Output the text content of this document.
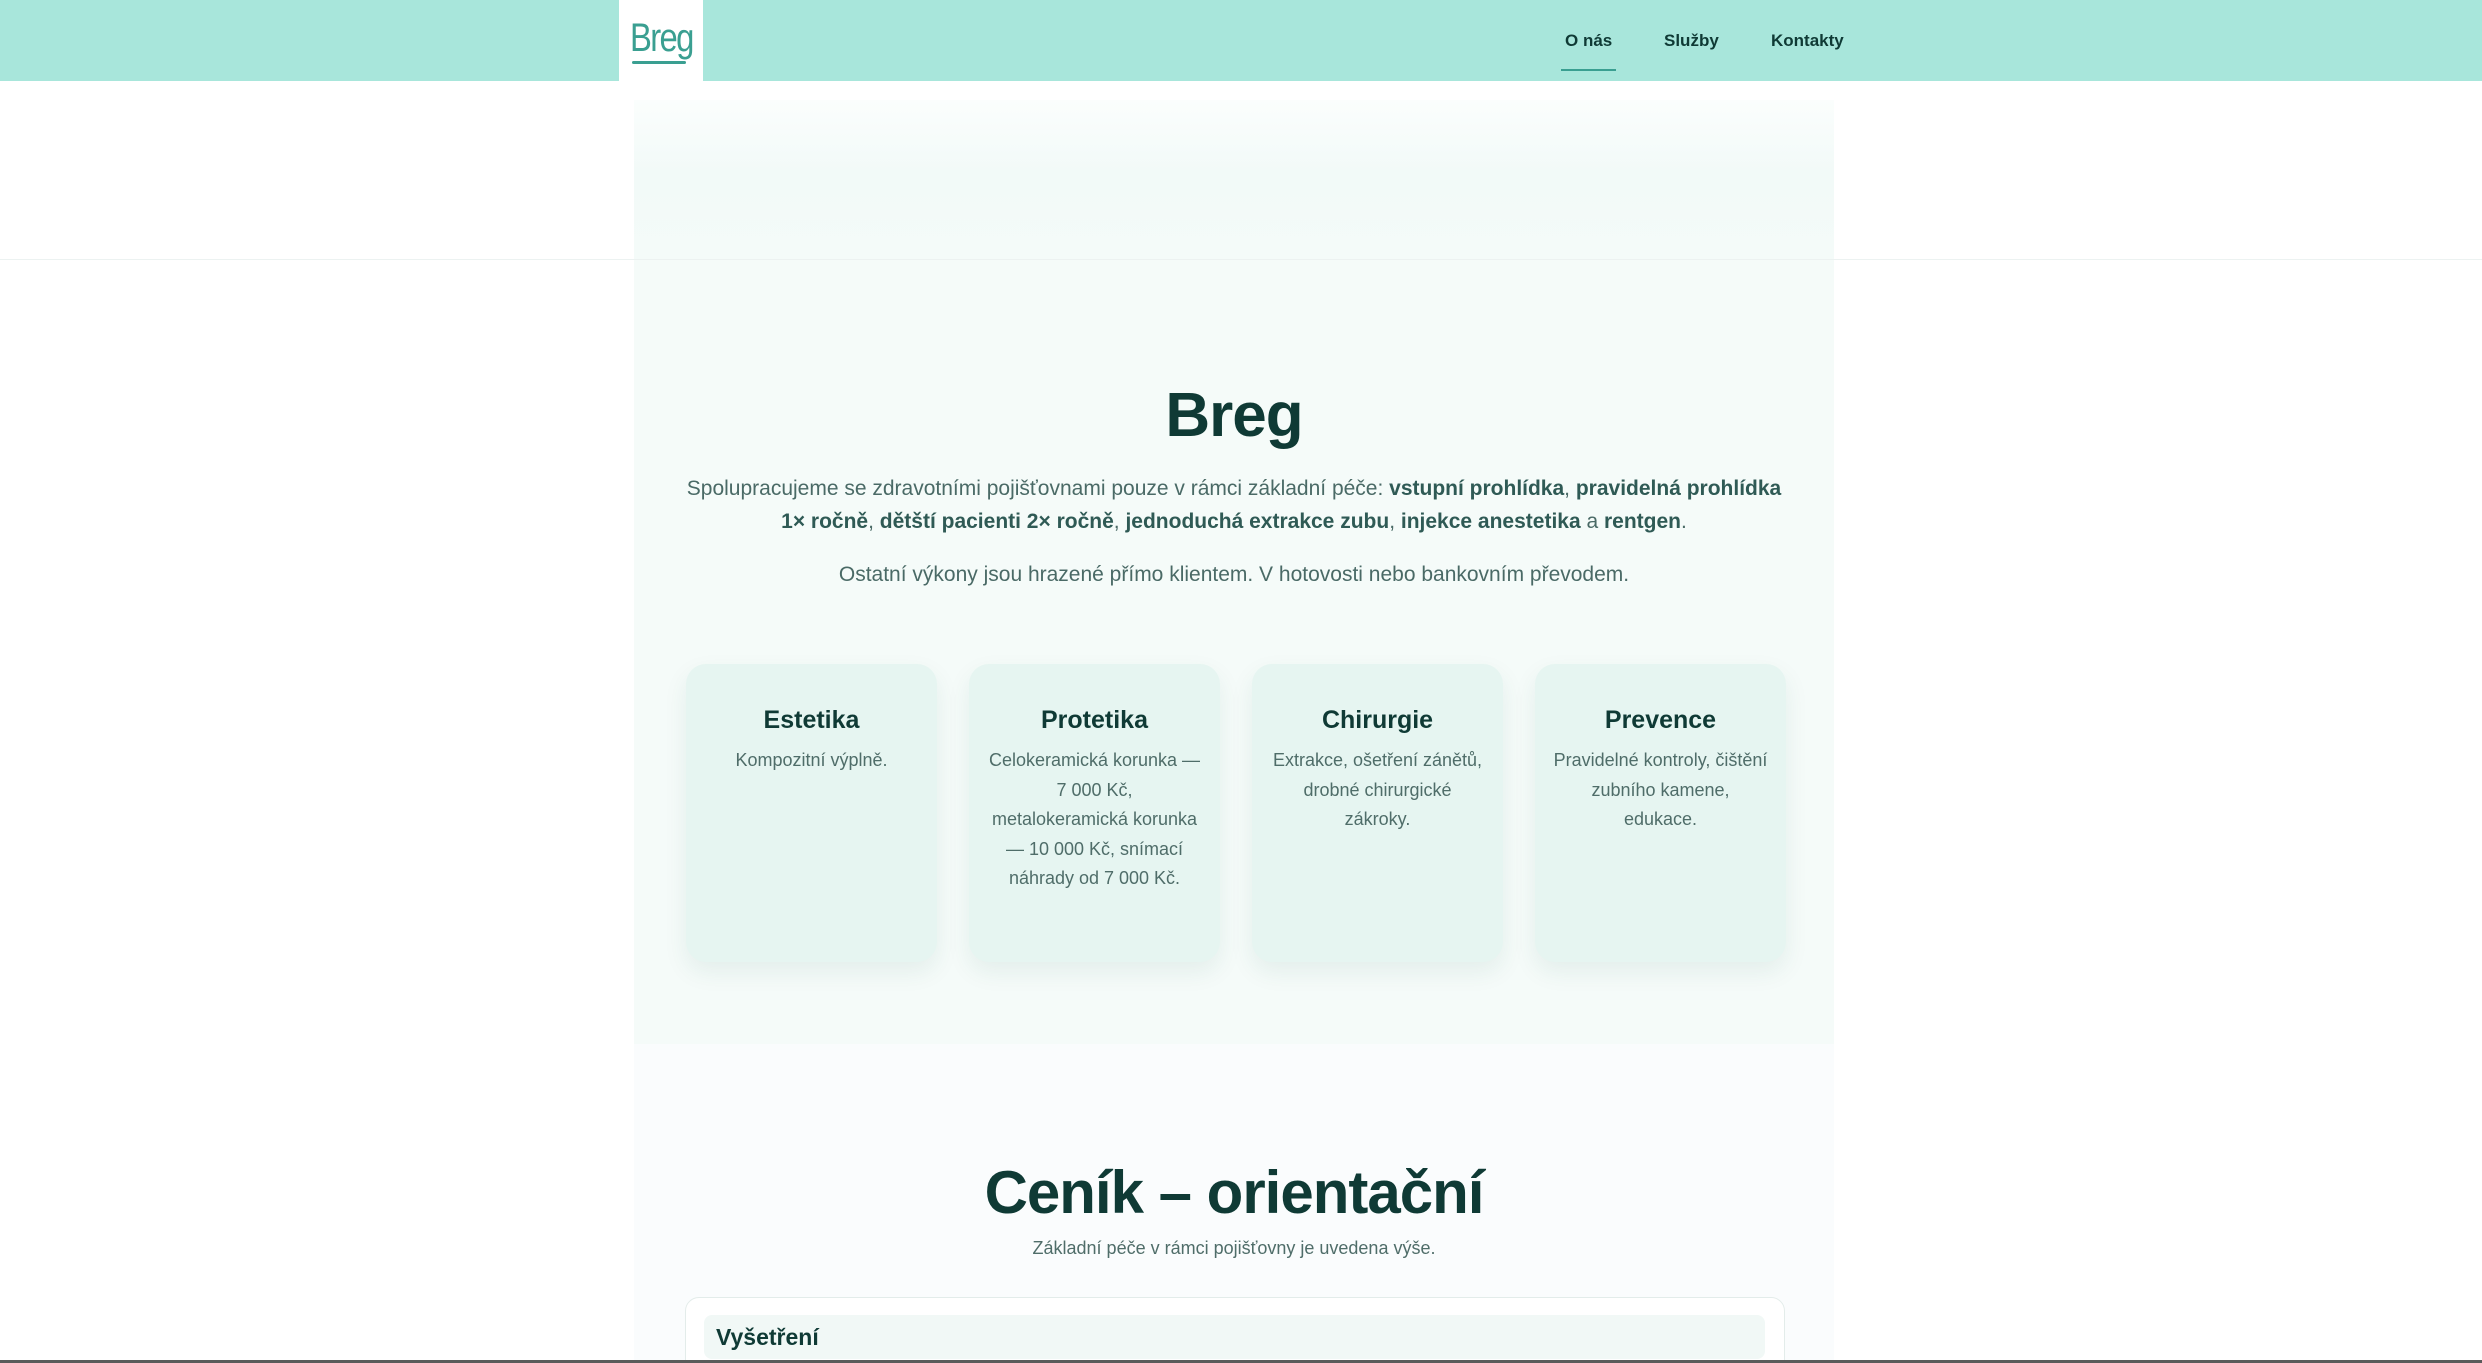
Breg	O nás	Služby	Kontakty
Breg

Spolupracujeme se zdravotními pojišťovnami pouze v rámci základní péče: vstupní prohlídka, pravidelná prohlídka 1× ročně, dětští pacienti 2× ročně, jednoduchá extrakce zubu, injekce anestetika a rentgen.

Ostatní výkony jsou hrazené přímo klientem. V hotovosti nebo bankovním převodem.

Estetika
Kompozitní výplně.
Protetika
Celokeramická korunka — 7 000 Kč, metalokeramická korunka — 10 000 Kč, snímací náhrady od 7 000 Kč.
Chirurgie
Extrakce, ošetření zánětů, drobné chirurgické zákroky.
Prevence
Pravidelné kontroly, čištění zubního kamene, edukace.
Ceník – orientační

Základní péče v rámci pojišťovny je uvedena výše.

Vyšetření
